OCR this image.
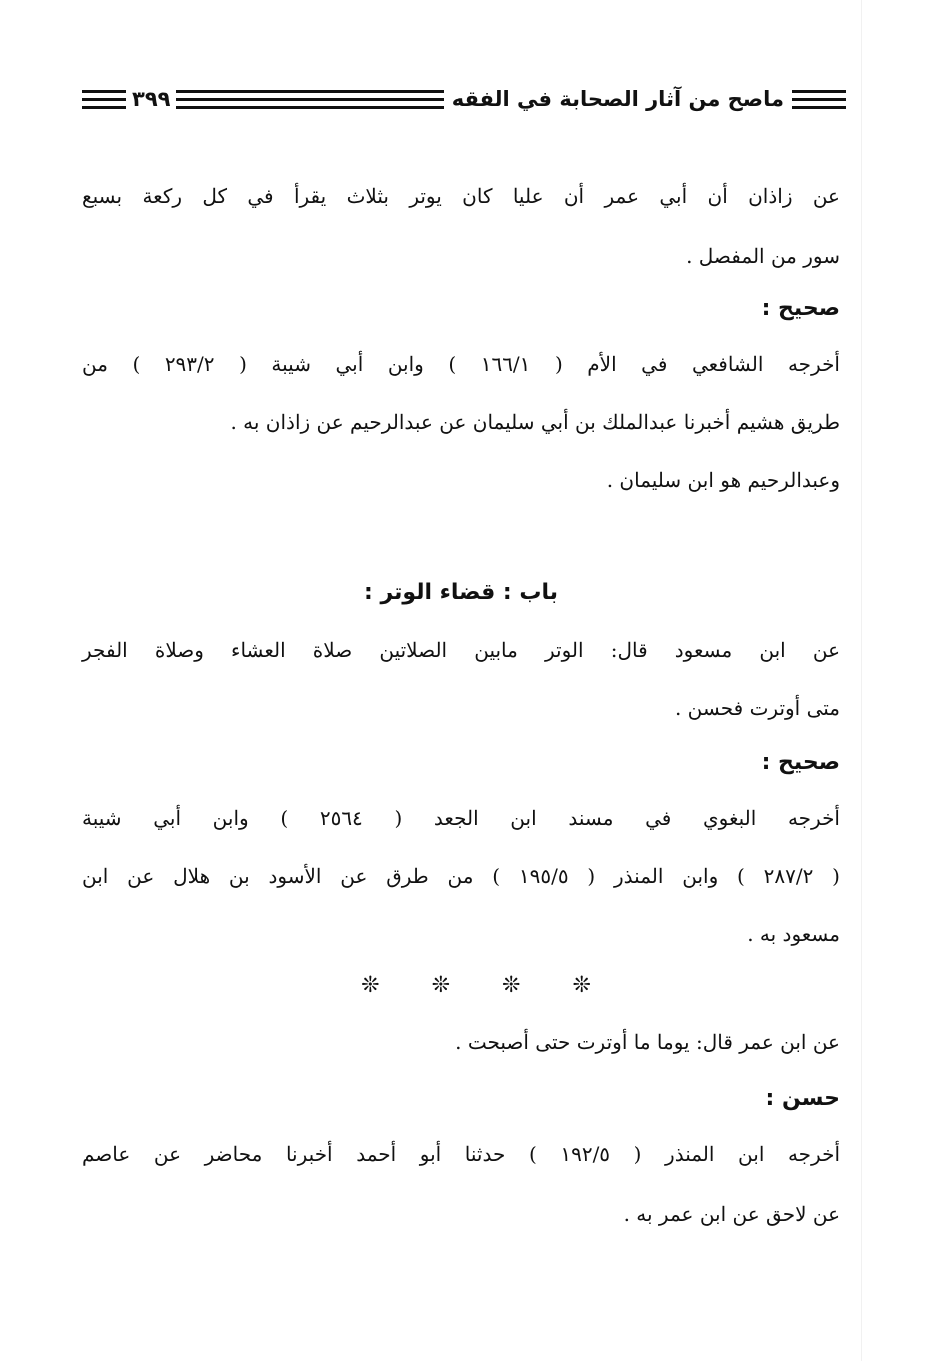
ماصح من آثار الصحابة في الفقه
٣٩٩
عن زاذان أن أبي عمر أن عليا كان يوتر بثلاث يقرأ في كل ركعة بسبع
سور من المفصل .
صحيح :
أخرجه الشافعي في الأم ( ١٦٦/١ ) وابن أبي شيبة ( ٢٩٣/٢ ) من
طريق هشيم أخبرنا عبدالملك بن أبي سليمان عن عبدالرحيم عن زاذان به .
وعبدالرحيم هو ابن سليمان .
باب : قضاء الوتر :
عن ابن مسعود قال: الوتر مابين الصلاتين صلاة العشاء وصلاة الفجر
متى أوترت فحسن .
صحيح :
أخرجه البغوي في مسند ابن الجعد ( ٢٥٦٤ ) وابن أبي شيبة
( ٢٨٧/٢ ) وابن المنذر ( ١٩٥/٥ ) من طرق عن الأسود بن هلال عن ابن
مسعود به .
❊ ❊ ❊ ❊
عن ابن عمر قال: يوما ما أوترت حتى أصبحت .
حسن :
أخرجه ابن المنذر ( ١٩٢/٥ ) حدثنا أبو أحمد أخبرنا محاضر عن عاصم
عن لاحق عن ابن عمر به .
